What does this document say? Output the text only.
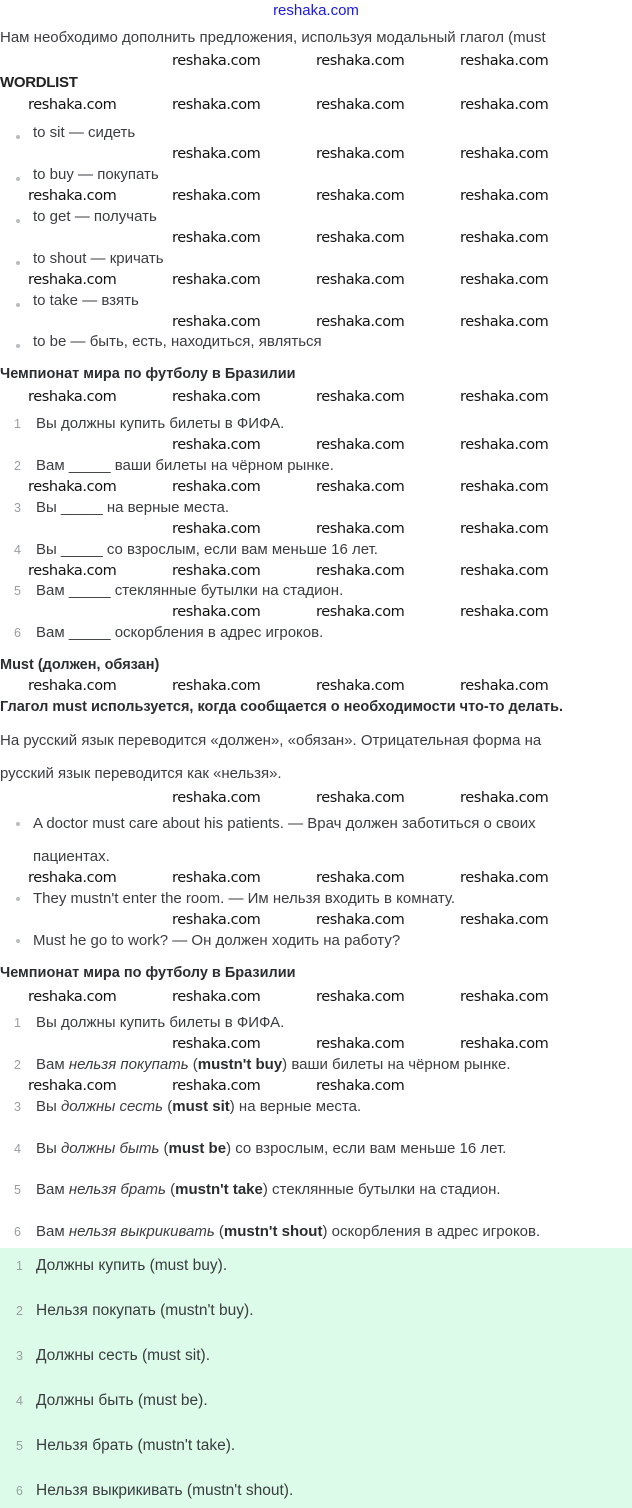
reshaka.com
Нам необходимо дополнить предложения, используя модальный глагол (must
WORDLIST
to sit — сидеть
to buy — покупать
to get — получать
to shout — кричать
to take — взять
to be — быть, есть, находиться, являться
Чемпионат мира по футболу в Бразилии
1 Вы должны купить билеты в ФИФА.
2 Вам _____ ваши билеты на чёрном рынке.
3 Вы _____ на верные места.
4 Вы _____ со взрослым, если вам меньше 16 лет.
5 Вам _____ стеклянные бутылки на стадион.
6 Вам _____ оскорбления в адрес игроков.
Must (должен, обязан)
Глагол must используется, когда сообщается о необходимости что-то делать.
На русский язык переводится «должен», «обязан». Отрицательная форма на
русский язык переводится как «нельзя».
A doctor must care about his patients. — Врач должен заботиться о своих
пациентах.
They mustn't enter the room. — Им нельзя входить в комнату.
Must he go to work? — Он должен ходить на работу?
Чемпионат мира по футболу в Бразилии
1 Вы должны купить билеты в ФИФА.
2 Вам нельзя покупать (mustn't buy) ваши билеты на чёрном рынке.
3 Вы должны сесть (must sit) на верные места.
4 Вы должны быть (must be) со взрослым, если вам меньше 16 лет.
5 Вам нельзя брать (mustn't take) стеклянные бутылки на стадион.
6 Вам нельзя выкрикивать (mustn't shout) оскорбления в адрес игроков.
1 Должны купить (must buy).
2 Нельзя покупать (mustn't buy).
3 Должны сесть (must sit).
4 Должны быть (must be).
5 Нельзя брать (mustn't take).
6 Нельзя выкрикивать (mustn't shout).
reshaka.com	reshaka.com	reshaka.com
reshaka.com	reshaka.com	reshaka.com	reshaka.com
reshaka.com	reshaka.com	reshaka.com
reshaka.com	reshaka.com	reshaka.com	reshaka.com
reshaka.com	reshaka.com	reshaka.com
reshaka.com	reshaka.com	reshaka.com	reshaka.com
reshaka.com	reshaka.com	reshaka.com
reshaka.com	reshaka.com	reshaka.com	reshaka.com
reshaka.com	reshaka.com	reshaka.com
reshaka.com	reshaka.com	reshaka.com	reshaka.com
reshaka.com	reshaka.com	reshaka.com
reshaka.com	reshaka.com	reshaka.com	reshaka.com
reshaka.com	reshaka.com	reshaka.com
reshaka.com	reshaka.com	reshaka.com	reshaka.com
reshaka.com	reshaka.com	reshaka.com
reshaka.com	reshaka.com	reshaka.com	reshaka.com
reshaka.com	reshaka.com	reshaka.com
reshaka.com	reshaka.com	reshaka.com	reshaka.com
reshaka.com	reshaka.com	reshaka.com
reshaka.com	reshaka.com	reshaka.com
